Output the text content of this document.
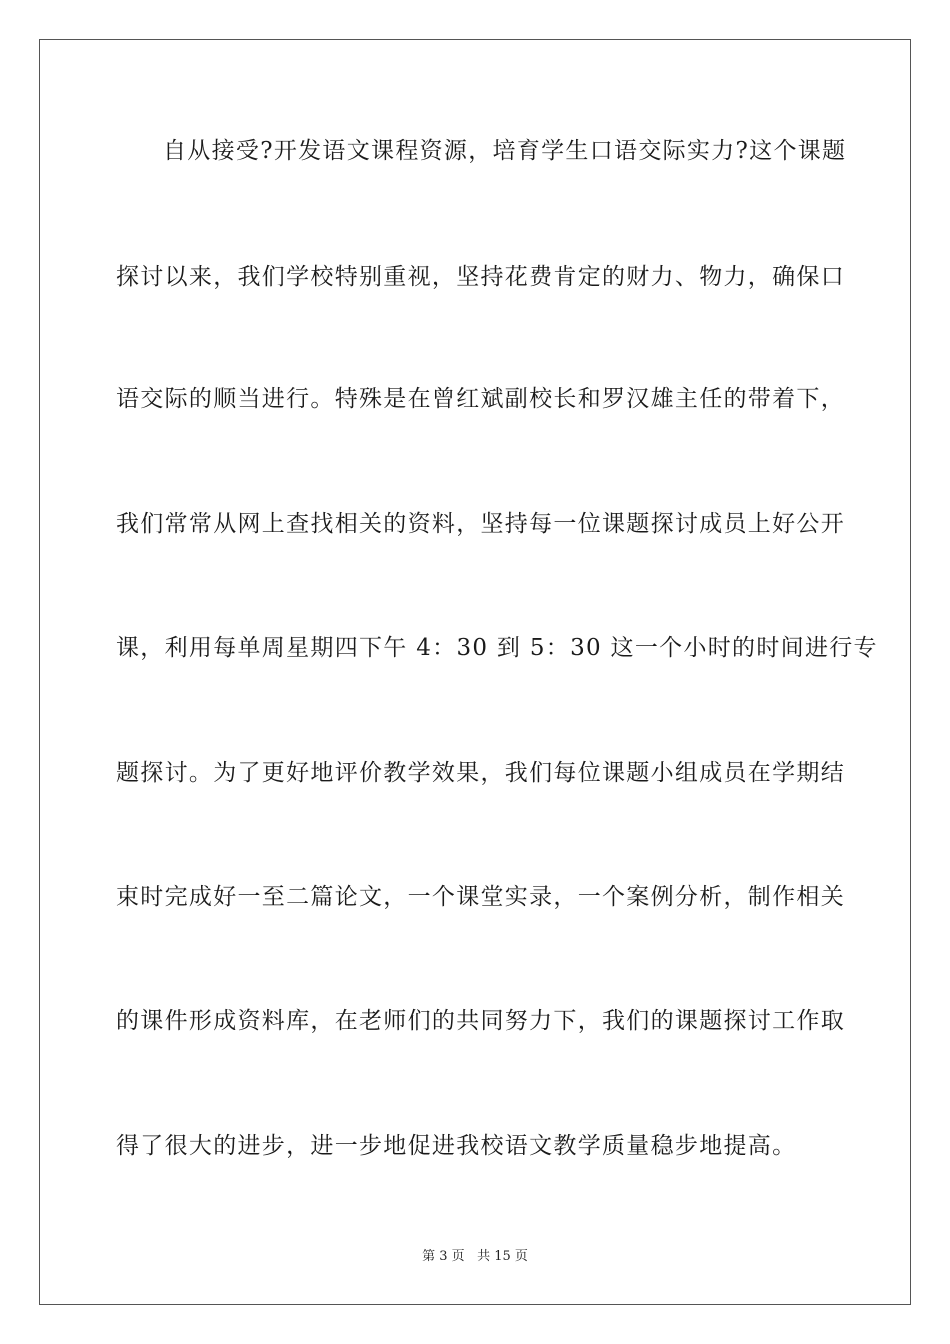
自从接受?开发语文课程资源，培育学生口语交际实力?这个课题
探讨以来，我们学校特别重视，坚持花费肯定的财力、物力，确保口
语交际的顺当进行。特殊是在曾红斌副校长和罗汉雄主任的带着下，
我们常常从网上查找相关的资料，坚持每一位课题探讨成员上好公开
课，利用每单周星期四下午 4：30 到 5：30 这一个小时的时间进行专
题探讨。为了更好地评价教学效果，我们每位课题小组成员在学期结
束时完成好一至二篇论文，一个课堂实录，一个案例分析，制作相关
的课件形成资料库，在老师们的共同努力下，我们的课题探讨工作取
得了很大的进步，进一步地促进我校语文教学质量稳步地提高。
第 3 页 共 15 页
